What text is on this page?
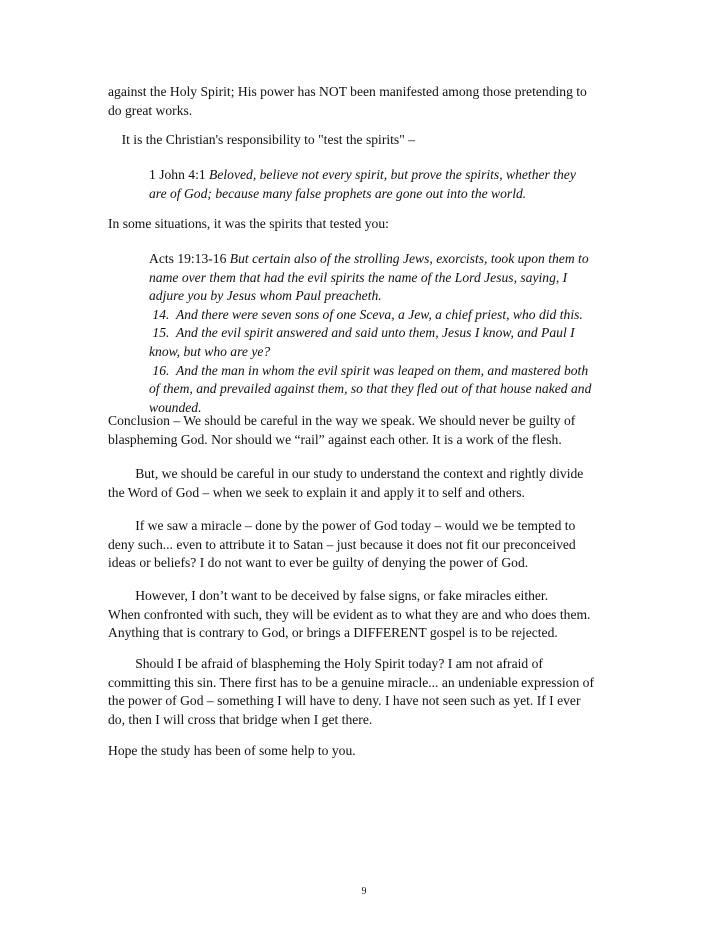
against the Holy Spirit; His power has NOT been manifested among those pretending to
do great works.

It is the Christian's responsibility to "test the spirits" –

1 John 4:1 Beloved, believe not every spirit, but prove the spirits, whether they
are of God; because many false prophets are gone out into the world.

In some situations, it was the spirits that tested you:

Acts 19:13-16 But certain also of the strolling Jews, exorcists, took upon them to
name over them that had the evil spirits the name of the Lord Jesus, saying, I
adjure you by Jesus whom Paul preacheth.
14.  And there were seven sons of one Sceva, a Jew, a chief priest, who did this.
15.  And the evil spirit answered and said unto them, Jesus I know, and Paul I
know, but who are ye?
16.  And the man in whom the evil spirit was leaped on them, and mastered both
of them, and prevailed against them, so that they fled out of that house naked and
wounded.

Conclusion – We should be careful in the way we speak. We should never be guilty of
blaspheming God. Nor should we “rail” against each other. It is a work of the flesh.

But, we should be careful in our study to understand the context and rightly divide
the Word of God – when we seek to explain it and apply it to self and others.

If we saw a miracle – done by the power of God today – would we be tempted to
deny such... even to attribute it to Satan – just because it does not fit our preconceived
ideas or beliefs? I do not want to ever be guilty of denying the power of God.

However, I don’t want to be deceived by false signs, or fake miracles either.
When confronted with such, they will be evident as to what they are and who does them.
Anything that is contrary to God, or brings a DIFFERENT gospel is to be rejected.

Should I be afraid of blaspheming the Holy Spirit today? I am not afraid of
committing this sin. There first has to be a genuine miracle... an undeniable expression of
the power of God – something I will have to deny. I have not seen such as yet. If I ever
do, then I will cross that bridge when I get there.

Hope the study has been of some help to you.

9
